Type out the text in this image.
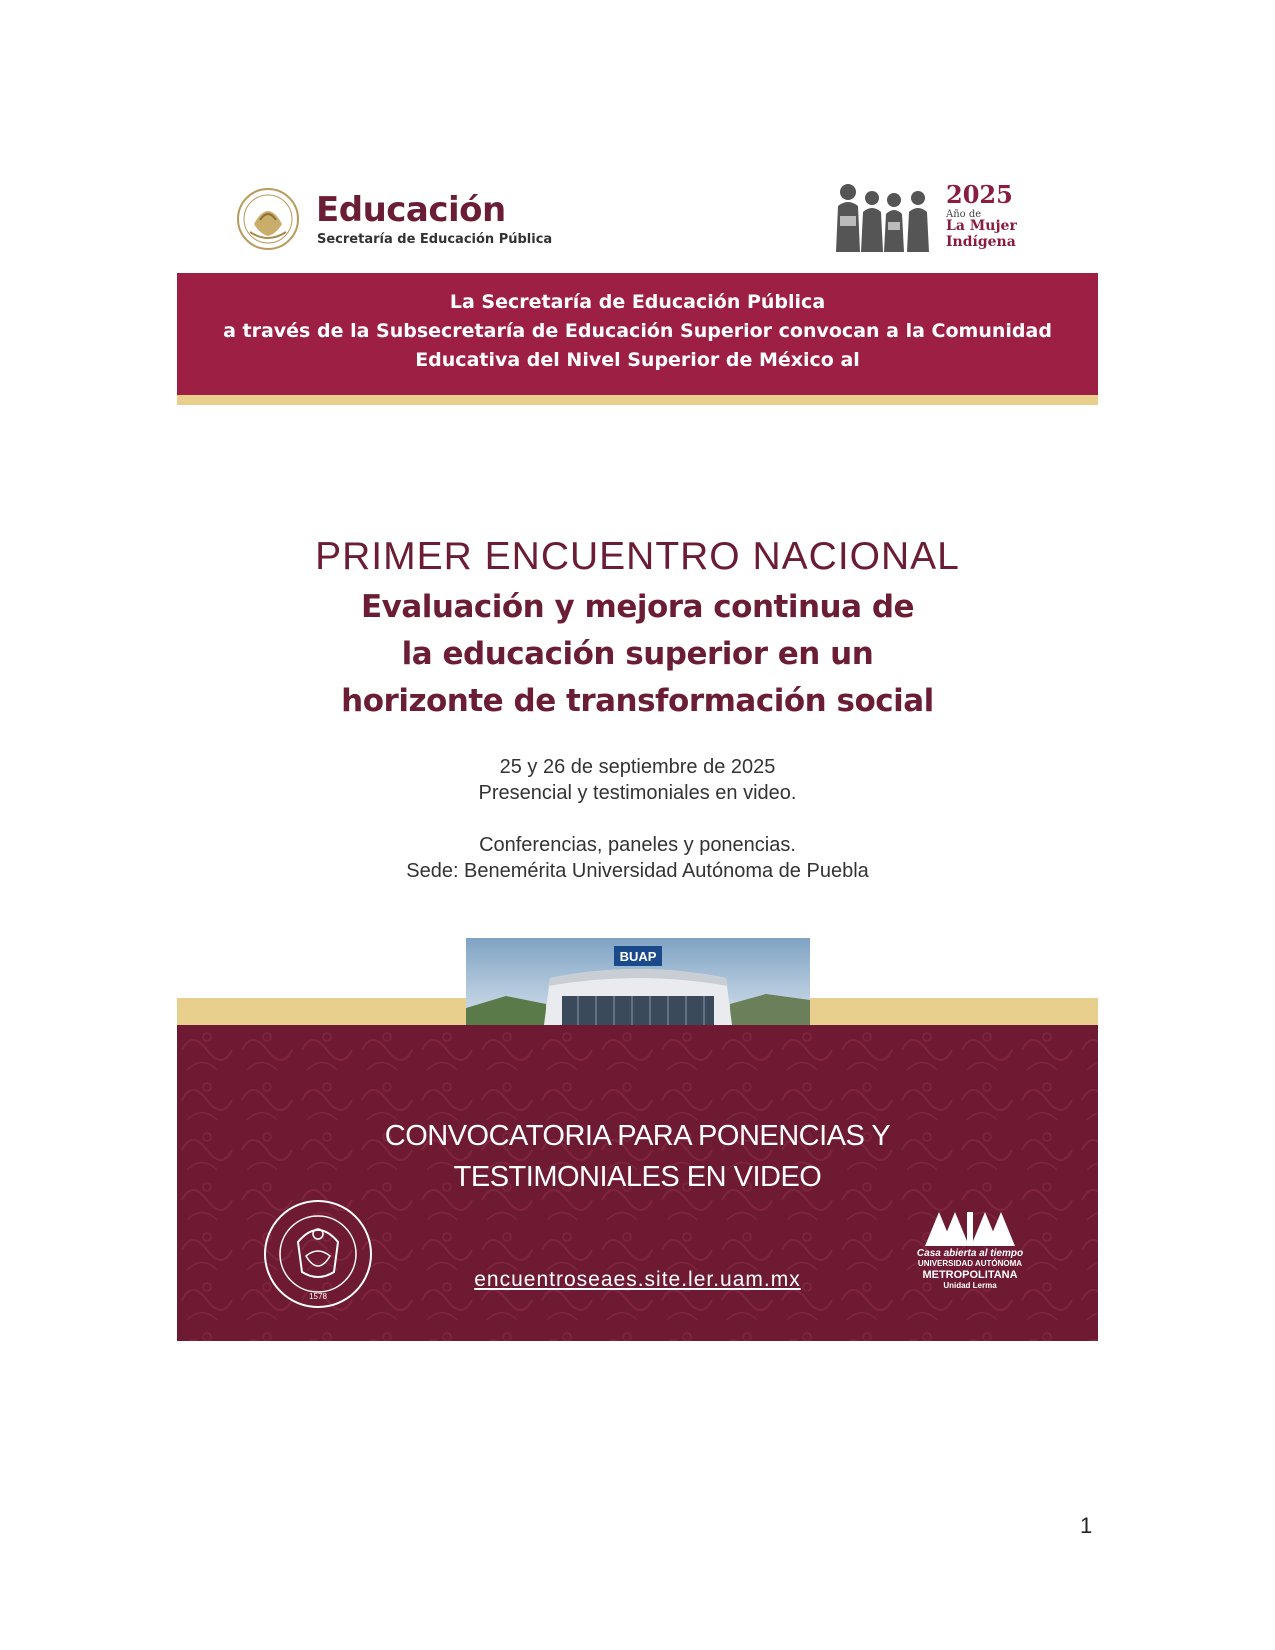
Educación
Secretaría de Educación Pública
2025
Año de
La Mujer
Indígena
La Secretaría de Educación Pública
a través de la Subsecretaría de Educación Superior convocan a la Comunidad
Educativa del Nivel Superior de México al
PRIMER ENCUENTRO NACIONAL
Evaluación y mejora continua de
la educación superior en un
horizonte de transformación social
25 y 26 de septiembre de 2025
Presencial y testimoniales en video.
Conferencias, paneles y ponencias.
Sede: Benemérita Universidad Autónoma de Puebla
BUAP
CONVOCATORIA PARA PONENCIAS Y
TESTIMONIALES EN VIDEO
encuentroseaes.site.ler.uam.mx
1578
Casa abierta al tiempo
UNIVERSIDAD AUTÓNOMA
METROPOLITANA
Unidad Lerma
1
